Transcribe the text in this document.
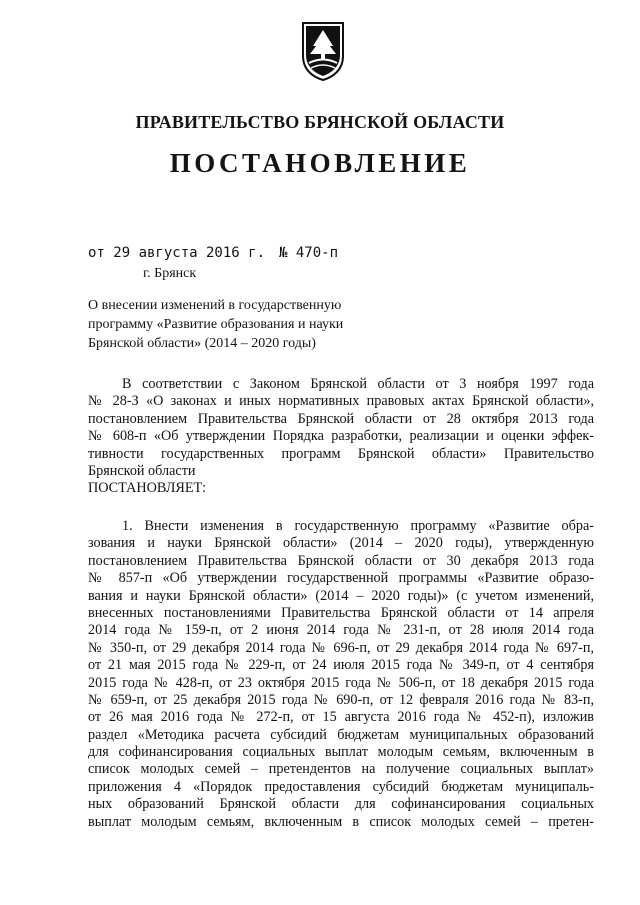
ПРАВИТЕЛЬСТВО БРЯНСКОЙ ОБЛАСТИ
ПОСТАНОВЛЕНИЕ
от 29 августа 2016 г. № 470-п
г. Брянск
О внесении изменений в государственную
программу «Развитие образования и науки
Брянской области» (2014 – 2020 годы)
В соответствии с Законом Брянской области от 3 ноября 1997 года
№ 28-З «О законах и иных нормативных правовых актах Брянской области»,
постановлением Правительства Брянской области от 28 октября 2013 года
№ 608-п «Об утверждении Порядка разработки, реализации и оценки эффек-
тивности государственных программ Брянской области» Правительство
Брянской области
ПОСТАНОВЛЯЕТ:
1. Внести изменения в государственную программу «Развитие обра-
зования и науки Брянской области» (2014 – 2020 годы), утвержденную
постановлением Правительства Брянской области от 30 декабря 2013 года
№ 857-п «Об утверждении государственной программы «Развитие образо-
вания и науки Брянской области» (2014 – 2020 годы)» (с учетом изменений,
внесенных постановлениями Правительства Брянской области от 14 апреля
2014 года № 159-п, от 2 июня 2014 года № 231-п, от 28 июля 2014 года
№ 350-п, от 29 декабря 2014 года № 696-п, от 29 декабря 2014 года № 697-п,
от 21 мая 2015 года № 229-п, от 24 июля 2015 года № 349-п, от 4 сентября
2015 года № 428-п, от 23 октября 2015 года № 506-п, от 18 декабря 2015 года
№ 659-п, от 25 декабря 2015 года № 690-п, от 12 февраля 2016 года № 83-п,
от 26 мая 2016 года № 272-п, от 15 августа 2016 года № 452-п), изложив
раздел «Методика расчета субсидий бюджетам муниципальных образований
для софинансирования социальных выплат молодым семьям, включенным в
список молодых семей – претендентов на получение социальных выплат»
приложения 4 «Порядок предоставления субсидий бюджетам муниципаль-
ных образований Брянской области для софинансирования социальных
выплат молодым семьям, включенным в список молодых семей – претен-
